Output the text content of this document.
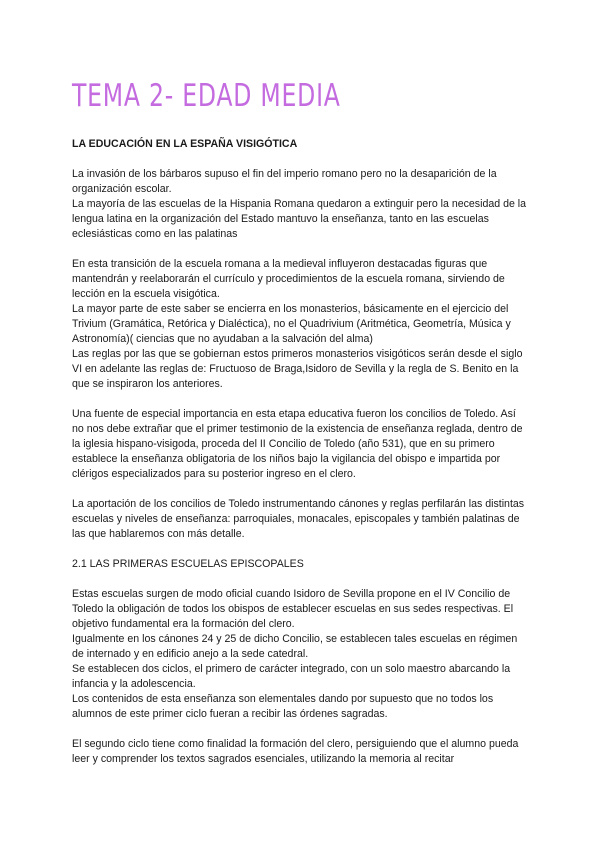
TEMA 2- EDAD MEDIA
LA EDUCACIÓN EN LA ESPAÑA VISIGÓTICA
La invasión de los bárbaros supuso el fin del imperio romano pero no la desaparición de la organización escolar.
La mayoría de las escuelas de la Hispania Romana quedaron a extinguir pero la necesidad de la lengua latina en la organización del Estado mantuvo la enseñanza, tanto en las escuelas eclesiásticas como en las palatinas
En esta transición de la escuela romana a la medieval influyeron destacadas figuras que mantendrán y reelaborarán el currículo y procedimientos de la escuela romana, sirviendo de lección en la escuela visigótica.
La mayor parte de este saber se encierra en los monasterios, básicamente en el ejercicio del Trivium (Gramática, Retórica y Dialéctica), no el Quadrivium (Aritmética, Geometría, Música y Astronomía)( ciencias que no ayudaban a la salvación del alma)
Las reglas por las que se gobiernan estos primeros monasterios visigóticos serán desde el siglo VI en adelante las reglas de: Fructuoso de Braga,Isidoro de Sevilla y la regla de S. Benito en la que se inspiraron los anteriores.
Una fuente de especial importancia en esta etapa educativa fueron los concilios de Toledo. Así no nos debe extrañar que el primer testimonio de la existencia de enseñanza reglada, dentro de la iglesia hispano-visigoda, proceda del II Concilio de Toledo (año 531), que en su primero establece la enseñanza obligatoria de los niños bajo la vigilancia del obispo e impartida por clérigos especializados para su posterior ingreso en el clero.
La aportación de los concilios de Toledo instrumentando cánones y reglas perfilarán las distintas escuelas y niveles de enseñanza: parroquiales, monacales, episcopales y también palatinas de las que hablaremos con más detalle.
2.1 LAS PRIMERAS ESCUELAS EPISCOPALES
Estas escuelas surgen de modo oficial cuando Isidoro de Sevilla propone en el IV Concilio de Toledo la obligación de todos los obispos de establecer escuelas en sus sedes respectivas. El objetivo fundamental era la formación del clero.
Igualmente en los cánones 24 y 25 de dicho Concilio, se establecen tales escuelas en régimen de internado y en edificio anejo a la sede catedral.
Se establecen dos ciclos, el primero de carácter integrado, con un solo maestro abarcando la infancia y la adolescencia.
Los contenidos de esta enseñanza son elementales dando por supuesto que no todos los alumnos de este primer ciclo fueran a recibir las órdenes sagradas.
El segundo ciclo tiene como finalidad la formación del clero, persiguiendo que el alumno pueda leer y comprender los textos sagrados esenciales, utilizando la memoria al recitar
